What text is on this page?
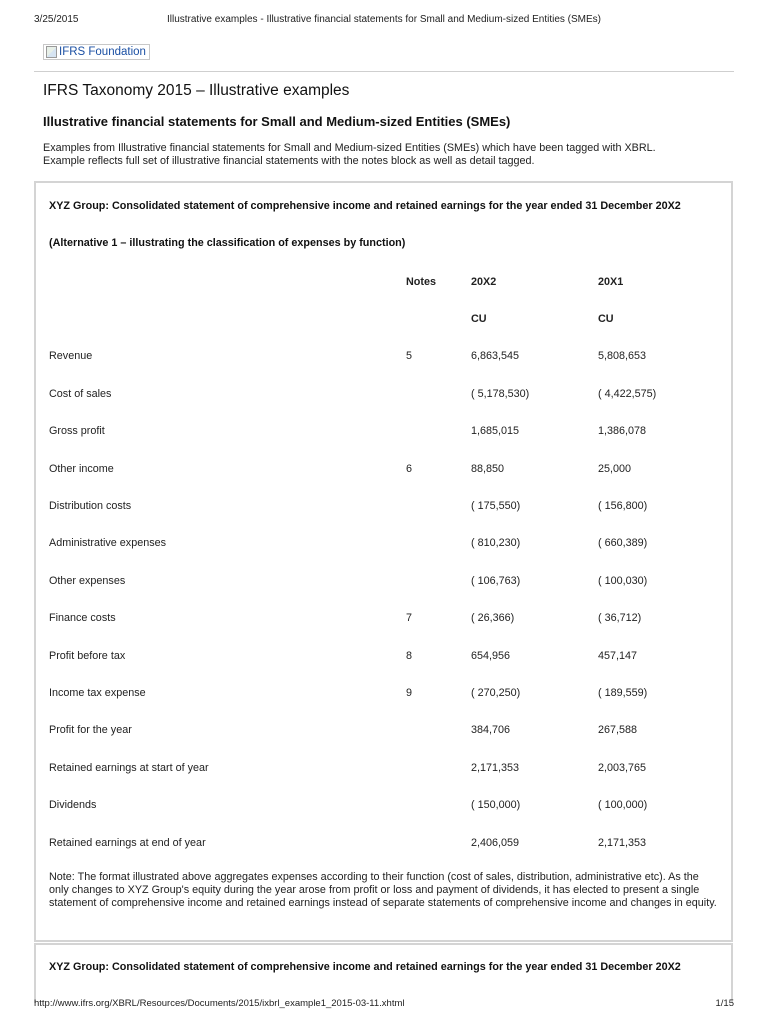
3/25/2015	Illustrative examples - Illustrative financial statements for Small and Medium-sized Entities (SMEs)
IFRS Foundation
IFRS Taxonomy 2015 – Illustrative examples
Illustrative financial statements for Small and Medium-sized Entities (SMEs)

Examples from Illustrative financial statements for Small and Medium-sized Entities (SMEs) which have been tagged with XBRL.
Example reflects full set of illustrative financial statements with the notes block as well as detail tagged.

XYZ Group: Consolidated statement of comprehensive income and retained earnings for the year ended 31 December 20X2
(Alternative 1 – illustrating the classification of expenses by function)
	Notes	20X2	20X1
		CU	CU
Revenue	5	6,863,545	5,808,653
Cost of sales		( 5,178,530)	( 4,422,575)
Gross profit		1,685,015	1,386,078
Other income	6	88,850	25,000
Distribution costs		( 175,550)	( 156,800)
Administrative expenses		( 810,230)	( 660,389)
Other expenses		( 106,763)	( 100,030)
Finance costs	7	( 26,366)	( 36,712)
Profit before tax	8	654,956	457,147
Income tax expense	9	( 270,250)	( 189,559)
Profit for the year		384,706	267,588
Retained earnings at start of year		2,171,353	2,003,765
Dividends		( 150,000)	( 100,000)
Retained earnings at end of year		2,406,059	2,171,353

Note: The format illustrated above aggregates expenses according to their function (cost of sales, distribution, administrative etc). As the only changes to XYZ Group's equity during the year arose from profit or loss and payment of dividends, it has elected to present a single statement of comprehensive income and retained earnings instead of separate statements of comprehensive income and changes in equity.

XYZ Group: Consolidated statement of comprehensive income and retained earnings for the year ended 31 December 20X2
http://www.ifrs.org/XBRL/Resources/Documents/2015/ixbrl_example1_2015-03-11.xhtml	1/15
